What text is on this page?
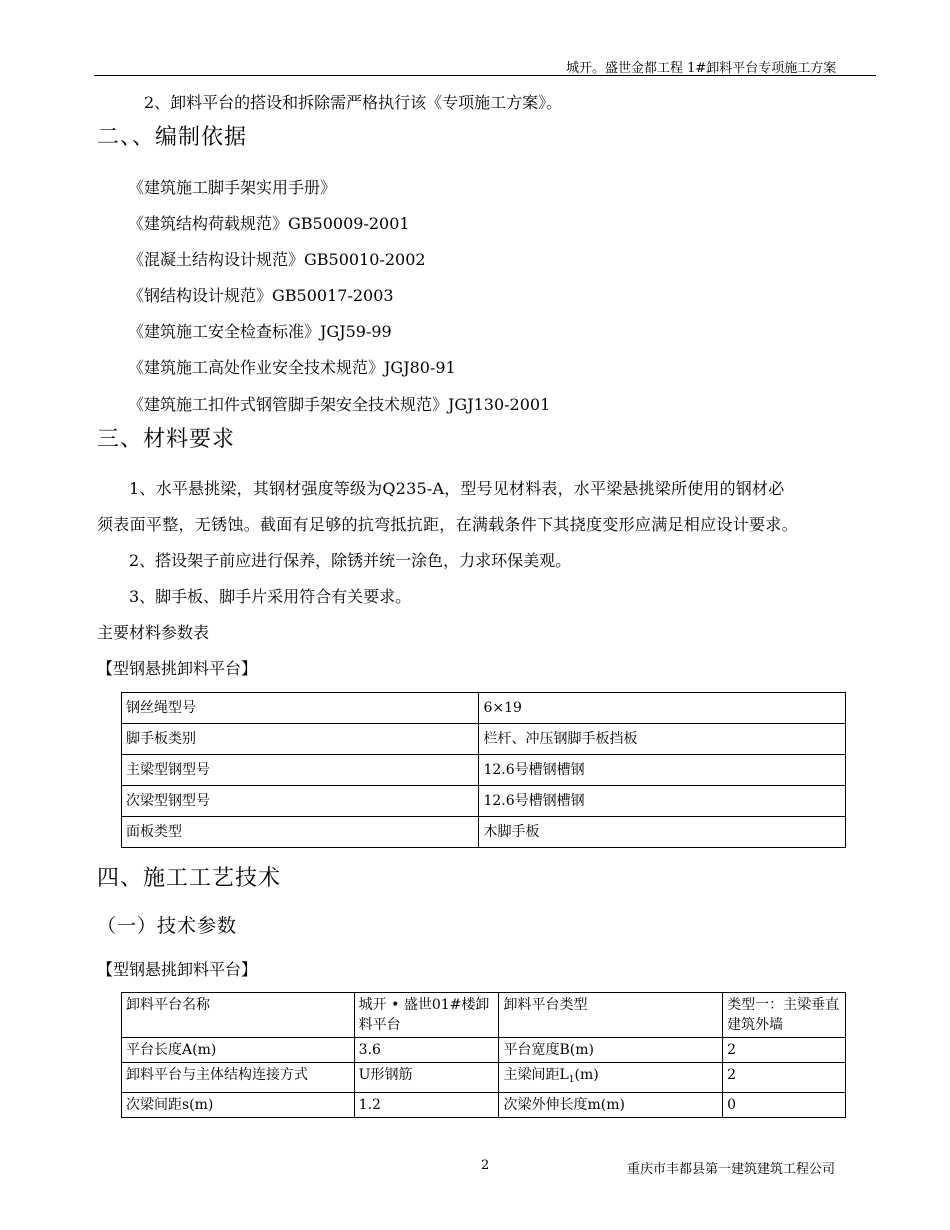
城开。盛世金都工程 1#卸料平台专项施工方案
2、卸料平台的搭设和拆除需严格执行该《专项施工方案》。
二、、编制依据
《建筑施工脚手架实用手册》
《建筑结构荷载规范》GB50009-2001
《混凝土结构设计规范》GB50010-2002
《钢结构设计规范》GB50017-2003
《建筑施工安全检查标准》JGJ59-99
《建筑施工高处作业安全技术规范》JGJ80-91
《建筑施工扣件式钢管脚手架安全技术规范》JGJ130-2001
三、材料要求
1、水平悬挑梁，其钢材强度等级为Q235-A，型号见材料表，水平梁悬挑梁所使用的钢材必
须表面平整，无锈蚀。截面有足够的抗弯抵抗距，在满载条件下其挠度变形应满足相应设计要求。
2、搭设架子前应进行保养，除锈并统一涂色，力求环保美观。
3、脚手板、脚手片采用符合有关要求。
主要材料参数表
【型钢悬挑卸料平台】
钢丝绳型号	6×19
脚手板类别	栏杆、冲压钢脚手板挡板
主梁型钢型号	12.6号槽钢槽钢
次梁型钢型号	12.6号槽钢槽钢
面板类型	木脚手板
四、施工工艺技术
（一）技术参数
【型钢悬挑卸料平台】
卸料平台名称	城开 • 盛世01#楼卸料平台	卸料平台类型	类型一：主梁垂直建筑外墙
平台长度A(m)	3.6	平台宽度B(m)	2
卸料平台与主体结构连接方式	U形钢筋	主梁间距$L_1(m)$	2
次梁间距s(m)	1.2	次梁外伸长度m(m)	0
2	重庆市丰都县第一建筑建筑工程公司
